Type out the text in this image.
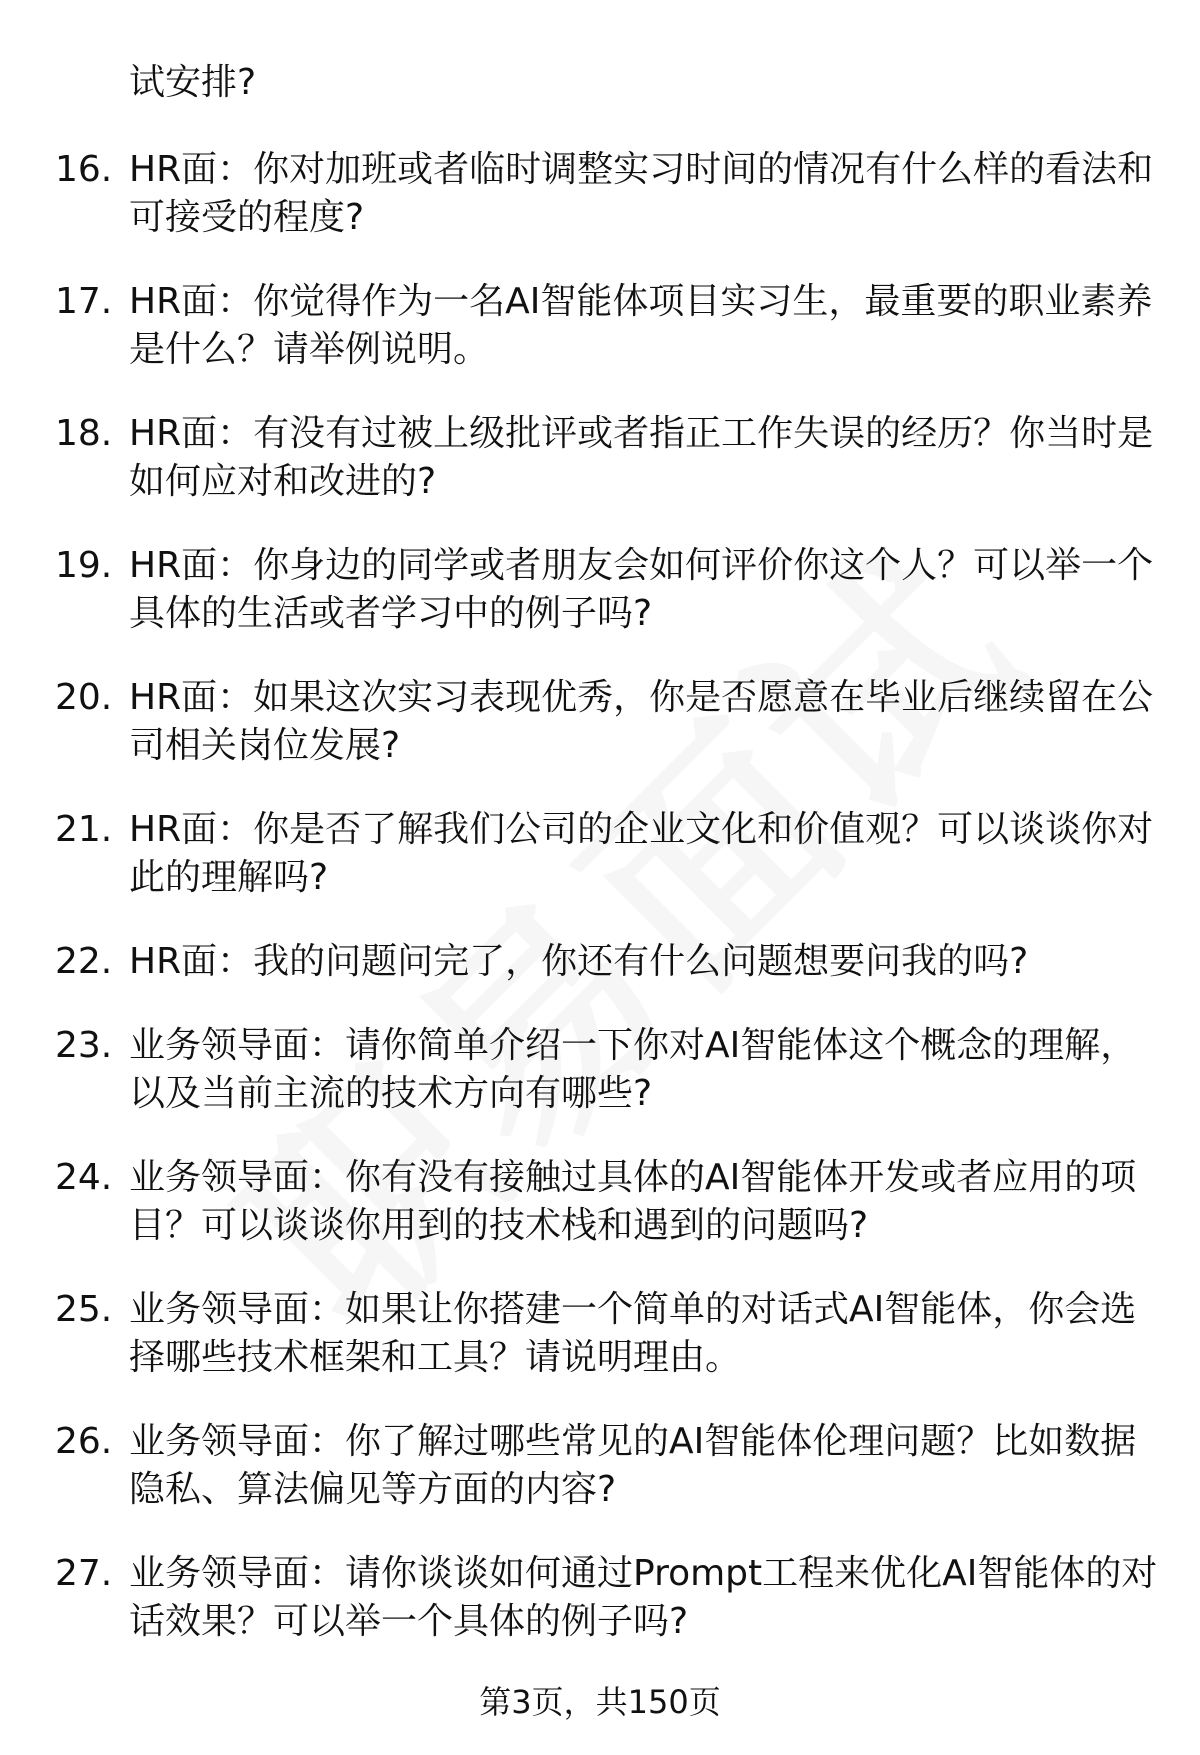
试安排?
16. HR面：你对加班或者临时调整实习时间的情况有什么样的看法和可接受的程度?
17. HR面：你觉得作为一名AI智能体项目实习生，最重要的职业素养是什么？请举例说明。
18. HR面：有没有过被上级批评或者指正工作失误的经历？你当时是如何应对和改进的?
19. HR面：你身边的同学或者朋友会如何评价你这个人？可以举一个具体的生活或者学习中的例子吗?
20. HR面：如果这次实习表现优秀，你是否愿意在毕业后继续留在公司相关岗位发展?
21. HR面：你是否了解我们公司的企业文化和价值观？可以谈谈你对此的理解吗?
22. HR面：我的问题问完了，你还有什么问题想要问我的吗?
23. 业务领导面：请你简单介绍一下你对AI智能体这个概念的理解，以及当前主流的技术方向有哪些?
24. 业务领导面：你有没有接触过具体的AI智能体开发或者应用的项目？可以谈谈你用到的技术栈和遇到的问题吗?
25. 业务领导面：如果让你搭建一个简单的对话式AI智能体，你会选择哪些技术框架和工具？请说明理由。
26. 业务领导面：你了解过哪些常见的AI智能体伦理问题？比如数据隐私、算法偏见等方面的内容?
27. 业务领导面：请你谈谈如何通过Prompt工程来优化AI智能体的对话效果？可以举一个具体的例子吗?
第3页，共150页
